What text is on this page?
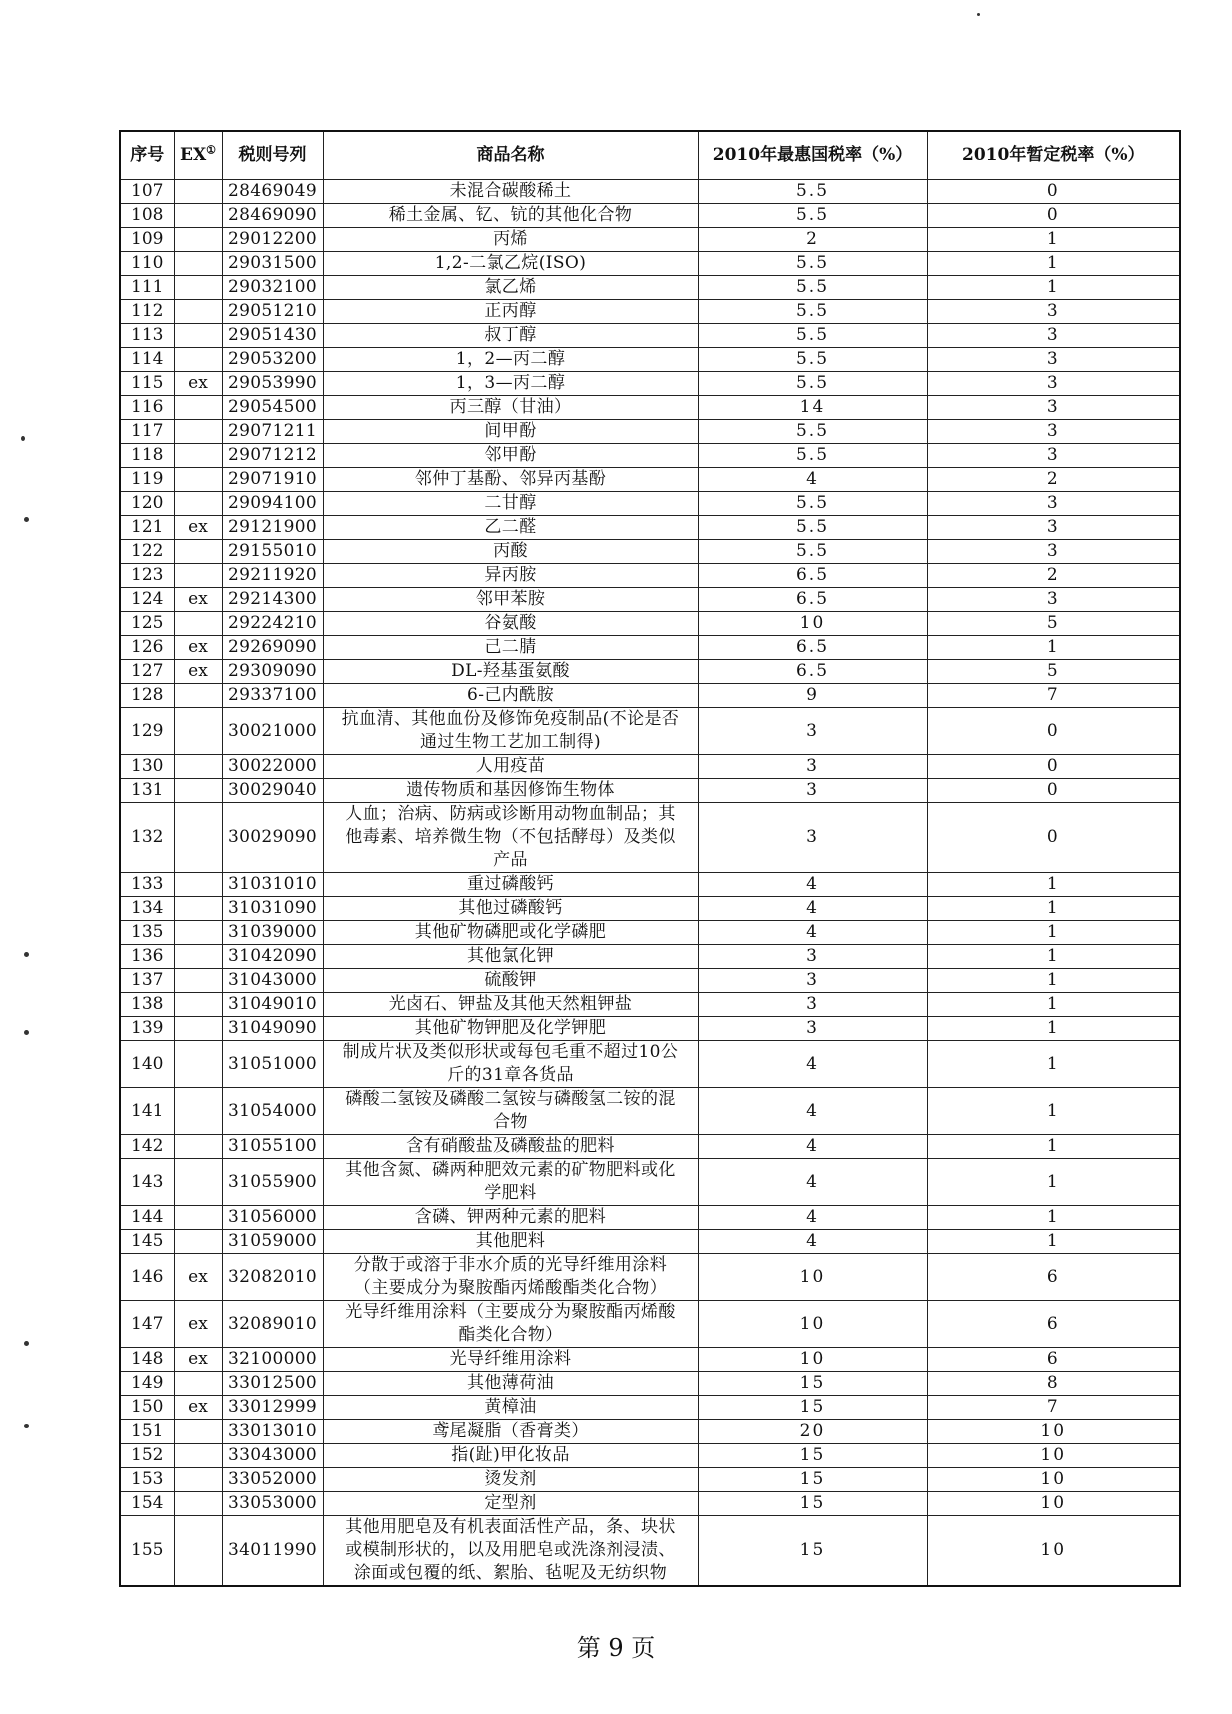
序号	EX①	税则号列	商品名称	2010年最惠国税率（%）	2010年暂定税率（%）
107		28469049	未混合碳酸稀土	5.5	0
108		28469090	稀土金属、钇、钪的其他化合物	5.5	0
109		29012200	丙烯	2	1
110		29031500	1,2-二氯乙烷(ISO)	5.5	1
111		29032100	氯乙烯	5.5	1
112		29051210	正丙醇	5.5	3
113		29051430	叔丁醇	5.5	3
114		29053200	1，2—丙二醇	5.5	3
115	ex	29053990	1，3—丙二醇	5.5	3
116		29054500	丙三醇（甘油）	14	3
117		29071211	间甲酚	5.5	3
118		29071212	邻甲酚	5.5	3
119		29071910	邻仲丁基酚、邻异丙基酚	4	2
120		29094100	二甘醇	5.5	3
121	ex	29121900	乙二醛	5.5	3
122		29155010	丙酸	5.5	3
123		29211920	异丙胺	6.5	2
124	ex	29214300	邻甲苯胺	6.5	3
125		29224210	谷氨酸	10	5
126	ex	29269090	己二腈	6.5	1
127	ex	29309090	DL-羟基蛋氨酸	6.5	5
128		29337100	6-己内酰胺	9	7
129		30021000	抗血清、其他血份及修饰免疫制品(不论是否
通过生物工艺加工制得)	3	0
130		30022000	人用疫苗	3	0
131		30029040	遗传物质和基因修饰生物体	3	0
132		30029090	人血；治病、防病或诊断用动物血制品；其
他毒素、培养微生物（不包括酵母）及类似
产品	3	0
133		31031010	重过磷酸钙	4	1
134		31031090	其他过磷酸钙	4	1
135		31039000	其他矿物磷肥或化学磷肥	4	1
136		31042090	其他氯化钾	3	1
137		31043000	硫酸钾	3	1
138		31049010	光卤石、钾盐及其他天然粗钾盐	3	1
139		31049090	其他矿物钾肥及化学钾肥	3	1
140		31051000	制成片状及类似形状或每包毛重不超过10公
斤的31章各货品	4	1
141		31054000	磷酸二氢铵及磷酸二氢铵与磷酸氢二铵的混
合物	4	1
142		31055100	含有硝酸盐及磷酸盐的肥料	4	1
143		31055900	其他含氮、磷两种肥效元素的矿物肥料或化
学肥料	4	1
144		31056000	含磷、钾两种元素的肥料	4	1
145		31059000	其他肥料	4	1
146	ex	32082010	分散于或溶于非水介质的光导纤维用涂料
（主要成分为聚胺酯丙烯酸酯类化合物）	10	6
147	ex	32089010	光导纤维用涂料（主要成分为聚胺酯丙烯酸
酯类化合物）	10	6
148	ex	32100000	光导纤维用涂料	10	6
149		33012500	其他薄荷油	15	8
150	ex	33012999	黄樟油	15	7
151		33013010	鸢尾凝脂（香膏类）	20	10
152		33043000	指(趾)甲化妆品	15	10
153		33052000	烫发剂	15	10
154		33053000	定型剂	15	10
155		34011990	其他用肥皂及有机表面活性产品，条、块状
或模制形状的，以及用肥皂或洗涤剂浸渍、
涂面或包覆的纸、絮胎、毡呢及无纺织物	15	10
第 9 页
